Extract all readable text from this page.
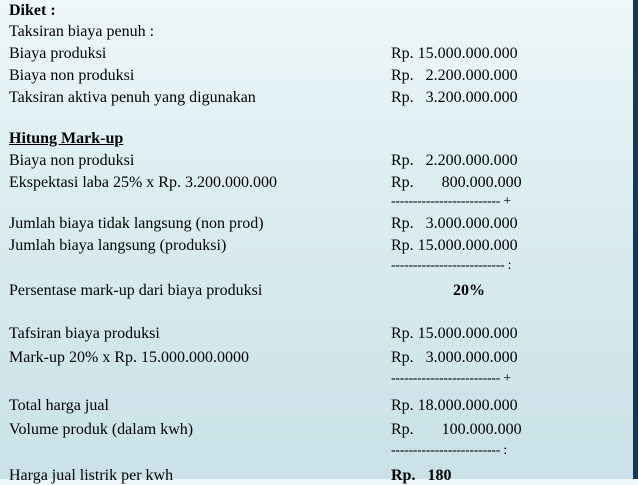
Diket :
Taksiran biaya penuh :
Biaya produksi	Rp. 15.000.000.000
Biaya non produksi	Rp.   2.200.000.000
Taksiran aktiva penuh yang digunakan	Rp.   3.200.000.000
Hitung Mark-up
Biaya non produksi	Rp.   2.200.000.000
Ekspektasi laba 25% x Rp. 3.200.000.000	Rp.       800.000.000
------------------------- +
Jumlah biaya tidak langsung (non prod)	Rp.   3.000.000.000
Jumlah biaya langsung (produksi)	Rp. 15.000.000.000
-------------------------- :
Persentase mark-up dari biaya produksi	20%
Tafsiran biaya produksi	Rp. 15.000.000.000
Mark-up 20% x Rp. 15.000.000.0000	Rp.   3.000.000.000
------------------------- +
Total harga jual	Rp. 18.000.000.000
Volume produk (dalam kwh)	Rp.       100.000.000
------------------------- :
Harga jual listrik per kwh	Rp.   180
